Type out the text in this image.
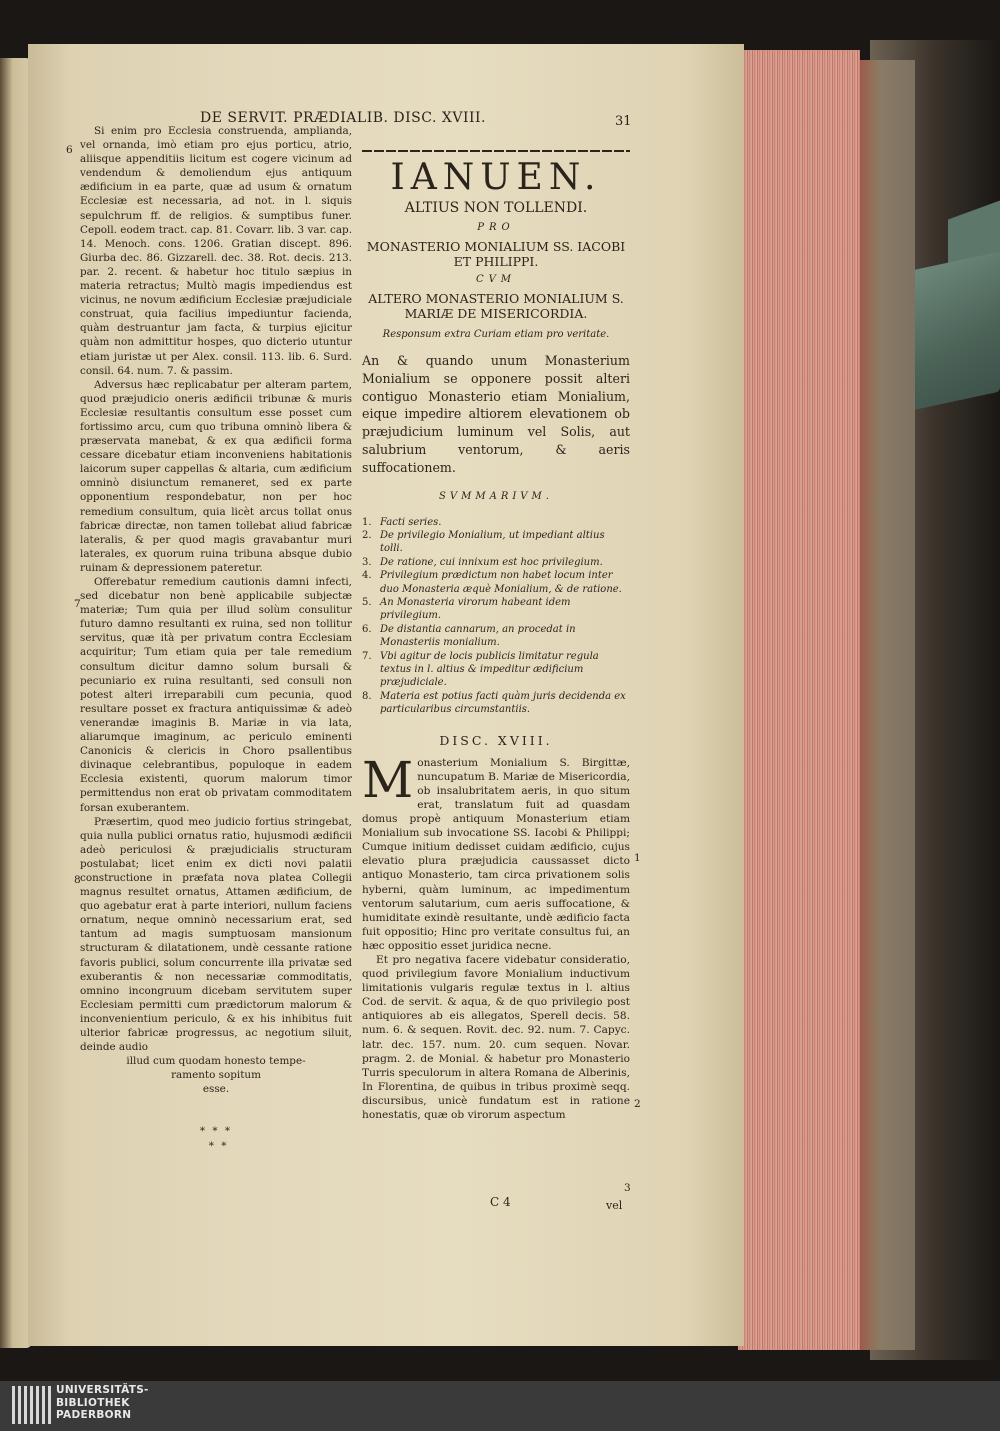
DE SERVIT. PRÆDIALIB. DISC. XVIII.	31
6
7
8

Si enim pro Ecclesia construenda, amplianda, vel ornanda, imò etiam pro ejus porticu, atrio, aliisque appenditiis licitum est cogere vicinum ad vendendum & demoliendum ejus antiquum ædificium in ea parte, quæ ad usum & ornatum Ecclesiæ est necessaria, ad not. in l. siquis sepulchrum ff. de religios. & sumptibus funer. Cepoll. eodem tract. cap. 81. Covarr. lib. 3 var. cap. 14. Menoch. cons. 1206. Gratian discept. 896. Giurba dec. 86. Gizzarell. dec. 38. Rot. decis. 213. par. 2. recent. & habetur hoc titulo sæpius in materia retractus; Multò magis impediendus est vicinus, ne novum ædificium Ecclesiæ præjudiciale construat, quia facilius impediuntur facienda, quàm destruantur jam facta, & turpius ejicitur quàm non admittitur hospes, quo dicterio utuntur etiam juristæ ut per Alex. consil. 113. lib. 6. Surd. consil. 64. num. 7. & passim.

Adversus hæc replicabatur per alteram partem, quod præjudicio oneris ædificii tribunæ & muris Ecclesiæ resultantis consultum esse posset cum fortissimo arcu, cum quo tribuna omninò libera & præservata manebat, & ex qua ædificii forma cessare dicebatur etiam inconveniens habitationis laicorum super cappellas & altaria, cum ædificium omninò disiunctum remaneret, sed ex parte opponentium respondebatur, non per hoc remedium consultum, quia licèt arcus tollat onus fabricæ directæ, non tamen tollebat aliud fabricæ lateralis, & per quod magis gravabantur muri laterales, ex quorum ruina tribuna absque dubio ruinam & depressionem pateretur.

Offerebatur remedium cautionis damni infecti, sed dicebatur non benè applicabile subjectæ materiæ; Tum quia per illud solùm consulitur futuro damno resultanti ex ruina, sed non tollitur servitus, quæ ità per privatum contra Ecclesiam acquiritur; Tum etiam quia per tale remedium consultum dicitur damno solum bursali & pecuniario ex ruina resultanti, sed consuli non potest alteri irreparabili cum pecunia, quod resultare posset ex fractura antiquissimæ & adeò venerandæ imaginis B. Mariæ in via lata, aliarumque imaginum, ac periculo eminenti Canonicis & clericis in Choro psallentibus divinaque celebrantibus, populoque in eadem Ecclesia existenti, quorum malorum timor permittendus non erat ob privatam commoditatem forsan exuberantem.

Præsertim, quod meo judicio fortius stringebat, quia nulla publici ornatus ratio, hujusmodi ædificii adeò periculosi & præjudicialis structuram postulabat; licet enim ex dicti novi palatii constructione in præfata nova platea Collegii magnus resultet ornatus, Attamen ædificium, de quo agebatur erat à parte interiori, nullum faciens ornatum, neque omninò necessarium erat, sed tantum ad magis sumptuosam mansionum structuram & dilatationem, undè cessante ratione favoris publici, solum concurrente illa privatæ sed exuberantis & non necessariæ commoditatis, omnino incongruum dicebam servitutem super Ecclesiam permitti cum prædictorum malorum & inconvenientium periculo, & ex his inhibitus fuit ulterior fabricæ progressus, ac negotium siluit, deinde audio

illud cum quodam honesto tempe-

ramento sopitum

esse.

* * *
* *

IANUEN.
ALTIUS NON TOLLENDI.
PRO
MONASTERIO MONIALIUM SS. IACOBI ET PHILIPPI.
CVM
ALTERO MONASTERIO MONIALIUM S. MARIÆ DE MISERICORDIA.
Responsum extra Curiam etiam pro veritate.
An & quando unum Monasterium Monialium se opponere possit alteri contiguo Monasterio etiam Monialium, eique impedire altiorem elevationem ob præjudicium luminum vel Solis, aut salubrium ventorum, & aeris suffocationem.
SVMMARIVM.
1. Facti series.
2. De privilegio Monialium, ut impediant altius tolli.
3. De ratione, cui innixum est hoc privilegium.
4. Privilegium prædictum non habet locum inter duo Monasteria æquè Monialium, & de ratione.
5. An Monasteria virorum habeant idem privilegium.
6. De distantia cannarum, an procedat in Monasteriis monialium.
7. Vbi agitur de locis publicis limitatur regula textus in l. altius & impeditur ædificium præjudiciale.
8. Materia est potius facti quàm juris decidenda ex particularibus circumstantiis.
DISC. XVIII.

Monasterium Monialium S. Birgittæ, nuncupatum B. Mariæ de Misericordia, ob insalubritatem aeris, in quo situm erat, translatum fuit ad quasdam domus propè antiquum Monasterium etiam Monialium sub invocatione SS. Iacobi & Philippi; Cumque initium dedisset cuidam ædificio, cujus elevatio plura præjudicia caussasset dicto antiquo Monasterio, tam circa privationem solis hyberni, quàm luminum, ac impedimentum ventorum salutarium, cum aeris suffocatione, & humiditate exindè resultante, undè ædificio facta fuit oppositio; Hinc pro veritate consultus fui, an hæc oppositio esset juridica necne.

Et pro negativa facere videbatur consideratio, quod privilegium favore Monialium inductivum limitationis vulgaris regulæ textus in l. altius Cod. de servit. & aqua, & de quo privilegio post antiquiores ab eis allegatos, Sperell decis. 58. num. 6. & sequen. Rovit. dec. 92. num. 7. Capyc. latr. dec. 157. num. 20. cum sequen. Novar. pragm. 2. de Monial. & habetur pro Monasterio Turris speculorum in altera Romana de Alberinis, In Florentina, de quibus in tribus proximè seqq. discursibus, unicè fundatum est in ratione honestatis, quæ ob virorum aspectum

1
2
3
C 4	vel
UNIVERSITÄTS-
BIBLIOTHEK
PADERBORN
